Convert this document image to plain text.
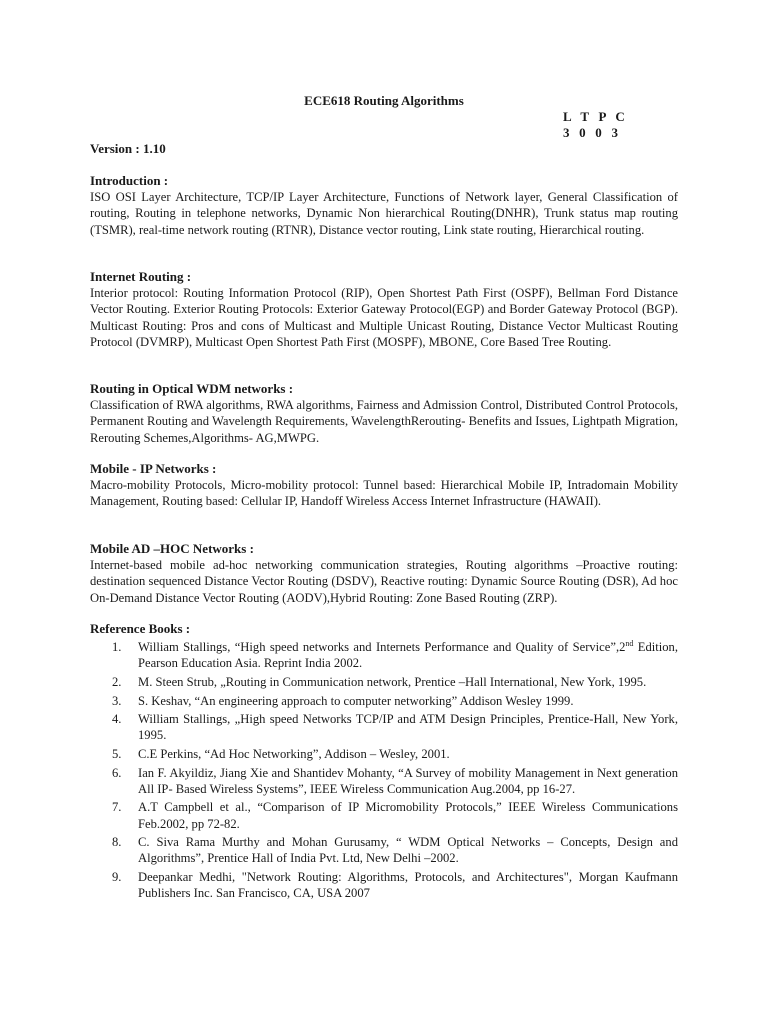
ECE618 Routing Algorithms
L T P C
3 0 0 3
Version : 1.10
Introduction :

ISO OSI Layer Architecture, TCP/IP Layer Architecture, Functions of Network layer, General Classification of routing, Routing in telephone networks, Dynamic Non hierarchical Routing(DNHR), Trunk status map routing (TSMR), real-time network routing (RTNR), Distance vector routing, Link state routing, Hierarchical routing.

Internet Routing :

Interior protocol: Routing Information Protocol (RIP), Open Shortest Path First (OSPF), Bellman Ford Distance Vector Routing. Exterior Routing Protocols: Exterior Gateway Protocol(EGP) and Border Gateway Protocol (BGP). Multicast Routing: Pros and cons of Multicast and Multiple Unicast Routing, Distance Vector Multicast Routing Protocol (DVMRP), Multicast Open Shortest Path First (MOSPF), MBONE, Core Based Tree Routing.

Routing in Optical WDM networks :

Classification of RWA algorithms, RWA algorithms, Fairness and Admission Control, Distributed Control Protocols, Permanent Routing and Wavelength Requirements, WavelengthRerouting- Benefits and Issues, Lightpath Migration, Rerouting Schemes,Algorithms- AG,MWPG.

Mobile - IP Networks :

Macro-mobility Protocols, Micro-mobility protocol: Tunnel based: Hierarchical Mobile IP, Intradomain Mobility Management, Routing based: Cellular IP, Handoff Wireless Access Internet Infrastructure (HAWAII).

Mobile AD –HOC Networks :

Internet-based mobile ad-hoc networking communication strategies, Routing algorithms –Proactive routing: destination sequenced Distance Vector Routing (DSDV), Reactive routing: Dynamic Source Routing (DSR), Ad hoc On-Demand Distance Vector Routing (AODV),Hybrid Routing: Zone Based Routing (ZRP).

Reference Books :
1. William Stallings, “High speed networks and Internets Performance and Quality of Service”,2nd Edition, Pearson Education Asia. Reprint India 2002.
2. M. Steen Strub, „Routing in Communication network, Prentice –Hall International, New York, 1995.
3. S. Keshav, “An engineering approach to computer networking” Addison Wesley 1999.
4. William Stallings, „High speed Networks TCP/IP and ATM Design Principles, Prentice-Hall, New York, 1995.
5. C.E Perkins, “Ad Hoc Networking”, Addison – Wesley, 2001.
6. Ian F. Akyildiz, Jiang Xie and Shantidev Mohanty, “A Survey of mobility Management in Next generation All IP- Based Wireless Systems”, IEEE Wireless Communication Aug.2004, pp 16-27.
7. A.T Campbell et al., “Comparison of IP Micromobility Protocols,” IEEE Wireless Communications Feb.2002, pp 72-82.
8. C. Siva Rama Murthy and Mohan Gurusamy, “ WDM Optical Networks – Concepts, Design and Algorithms”, Prentice Hall of India Pvt. Ltd, New Delhi –2002.
9. Deepankar Medhi, "Network Routing: Algorithms, Protocols, and Architectures", Morgan Kaufmann Publishers Inc. San Francisco, CA, USA 2007
